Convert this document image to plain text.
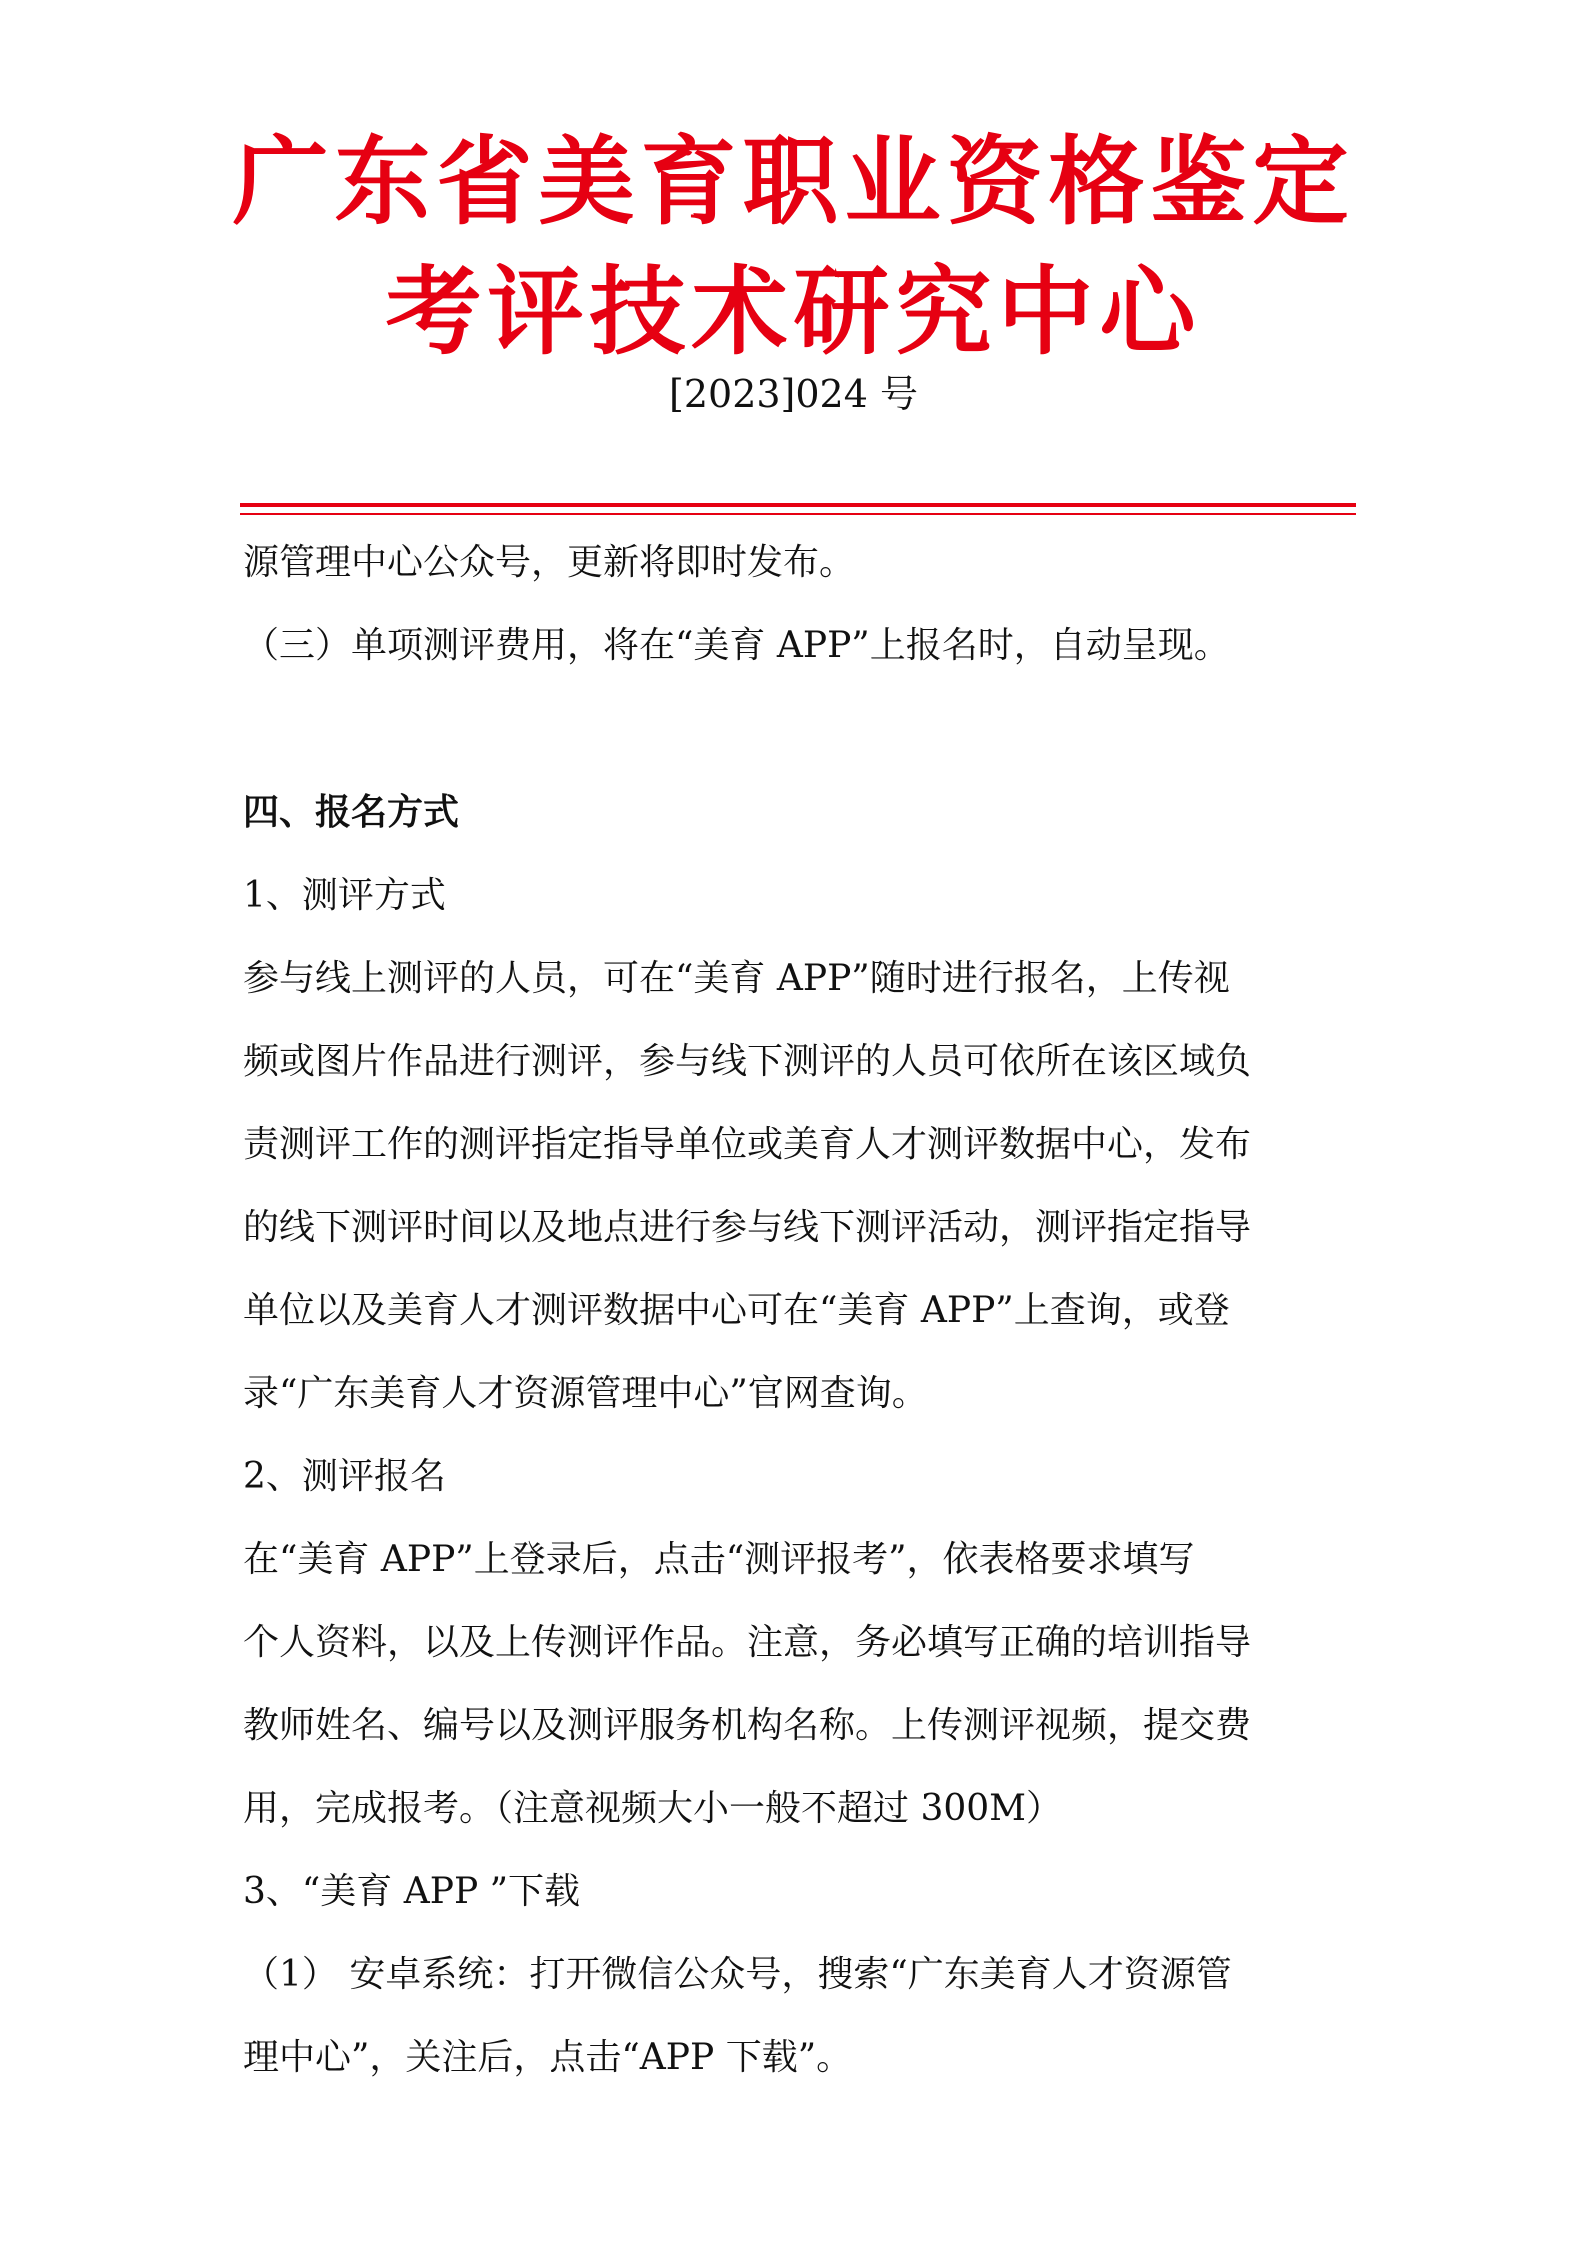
广东省美育职业资格鉴定
考评技术研究中心
[2023]024 号

源管理中心公众号，更新将即时发布。

（三）单项测评费用，将在“美育 APP”上报名时，自动呈现。

四、报名方式

1、测评方式

参与线上测评的人员，可在“美育 APP”随时进行报名，上传视

频或图片作品进行测评，参与线下测评的人员可依所在该区域负

责测评工作的测评指定指导单位或美育人才测评数据中心，发布

的线下测评时间以及地点进行参与线下测评活动，测评指定指导

单位以及美育人才测评数据中心可在“美育 APP”上查询，或登

录“广东美育人才资源管理中心”官网查询。

2、测评报名

在“美育 APP”上登录后，点击“测评报考”，依表格要求填写

个人资料，以及上传测评作品。注意，务必填写正确的培训指导

教师姓名、编号以及测评服务机构名称。上传测评视频，提交费

用，完成报考。（注意视频大小一般不超过 300M）

3、“美育 APP ”下载

（1） 安卓系统：打开微信公众号，搜索“广东美育人才资源管

理中心”，关注后，点击“APP 下载”。
